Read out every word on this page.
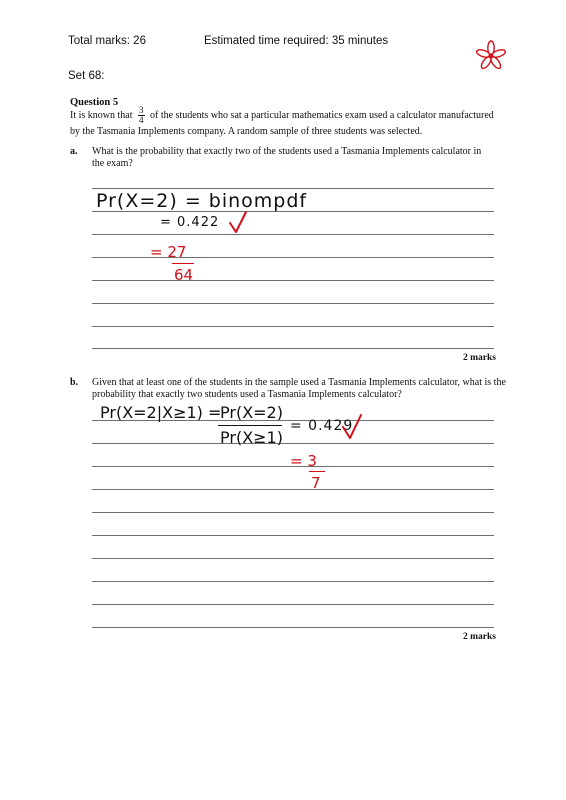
Total marks: 26	Estimated time required: 35 minutes
Set 68:
Question 5
It is known that $\frac{3}{4}$ of the students who sat a particular mathematics exam used a calculator manufactured
by the Tasmania Implements company. A random sample of three students was selected.
a. What is the probability that exactly two of the students used a Tasmania Implements calculator in
the exam?
2 marks
Pr(X=2) = binompdf
= 0.422
= 27
64
b. Given that at least one of the students in the sample used a Tasmania Implements calculator, what is the
probability that exactly two students used a Tasmania Implements calculator?
2 marks
Pr(X=2|X≥1) =
Pr(X=2)
Pr(X≥1)
= 0.429
= 3
7
